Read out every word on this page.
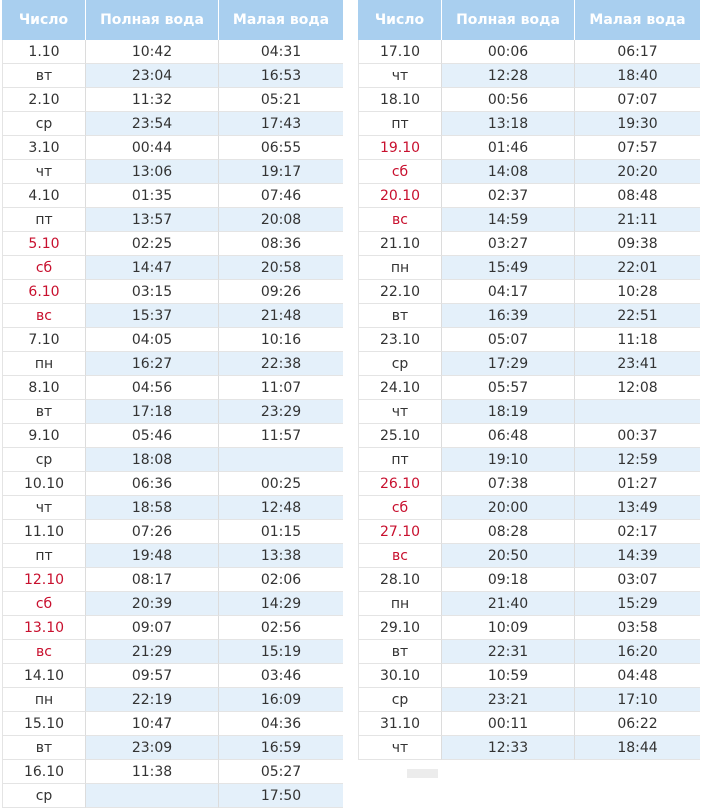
Число	Полная вода	Малая вода
1.10	10:42	04:31
вт	23:04	16:53
2.10	11:32	05:21
ср	23:54	17:43
3.10	00:44	06:55
чт	13:06	19:17
4.10	01:35	07:46
пт	13:57	20:08
5.10	02:25	08:36
сб	14:47	20:58
6.10	03:15	09:26
вс	15:37	21:48
7.10	04:05	10:16
пн	16:27	22:38
8.10	04:56	11:07
вт	17:18	23:29
9.10	05:46	11:57
ср	18:08	
10.10	06:36	00:25
чт	18:58	12:48
11.10	07:26	01:15
пт	19:48	13:38
12.10	08:17	02:06
сб	20:39	14:29
13.10	09:07	02:56
вс	21:29	15:19
14.10	09:57	03:46
пн	22:19	16:09
15.10	10:47	04:36
вт	23:09	16:59
16.10	11:38	05:27
ср		17:50
Число	Полная вода	Малая вода
17.10	00:06	06:17
чт	12:28	18:40
18.10	00:56	07:07
пт	13:18	19:30
19.10	01:46	07:57
сб	14:08	20:20
20.10	02:37	08:48
вс	14:59	21:11
21.10	03:27	09:38
пн	15:49	22:01
22.10	04:17	10:28
вт	16:39	22:51
23.10	05:07	11:18
ср	17:29	23:41
24.10	05:57	12:08
чт	18:19	
25.10	06:48	00:37
пт	19:10	12:59
26.10	07:38	01:27
сб	20:00	13:49
27.10	08:28	02:17
вс	20:50	14:39
28.10	09:18	03:07
пн	21:40	15:29
29.10	10:09	03:58
вт	22:31	16:20
30.10	10:59	04:48
ср	23:21	17:10
31.10	00:11	06:22
чт	12:33	18:44
